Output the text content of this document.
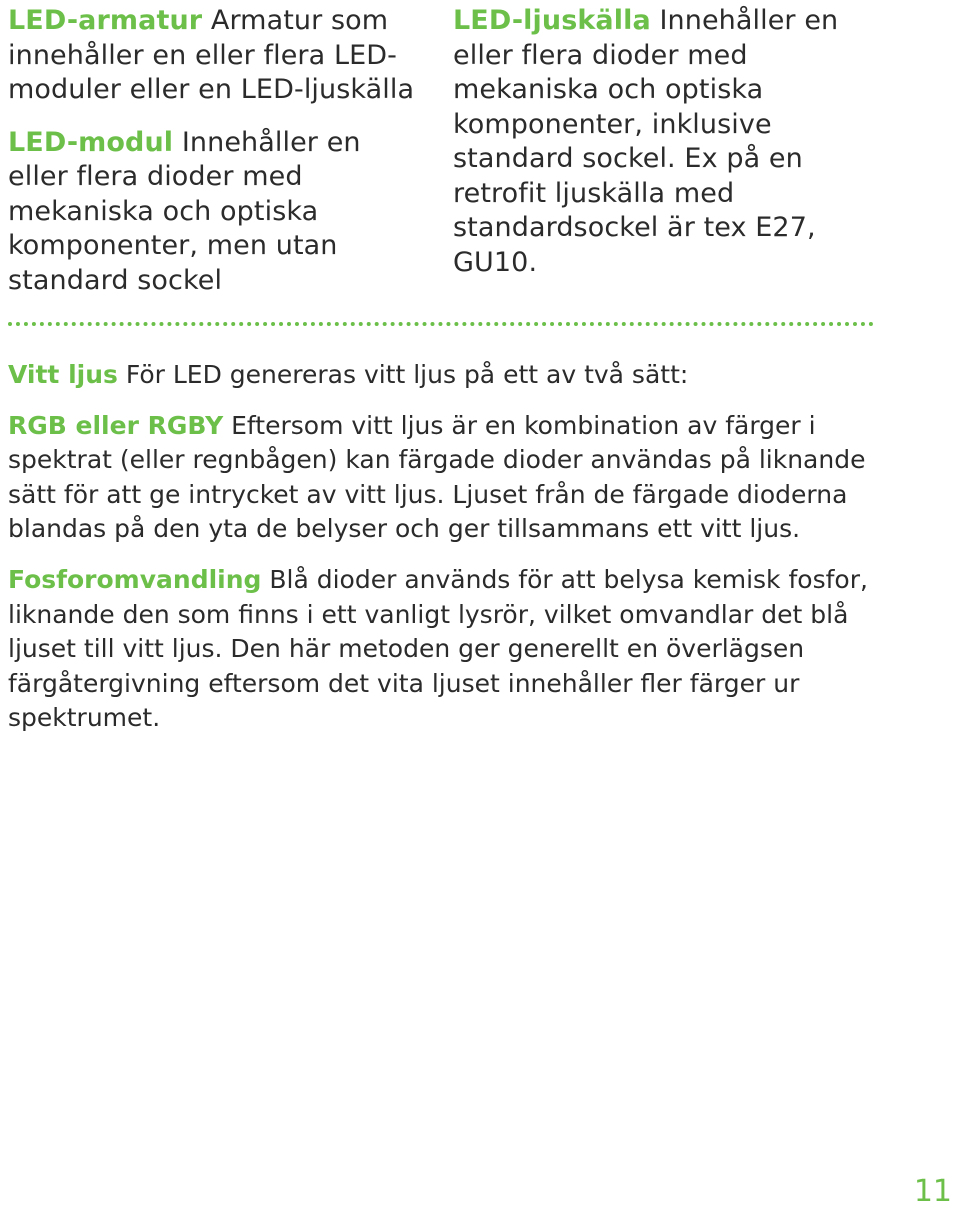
LED-armatur Armatur som innehåller en eller flera LED-moduler eller en LED-ljuskälla

LED-modul Innehåller en eller flera dioder med mekaniska och optiska komponenter, men utan standard sockel

LED-ljuskälla Innehåller en eller flera dioder med mekaniska och optiska komponenter, inklusive standard sockel. Ex på en retrofit ljuskälla med standardsockel är tex E27, GU10.

Vitt ljus För LED genereras vitt ljus på ett av två sätt:

RGB eller RGBY Eftersom vitt ljus är en kombination av färger i spektrat (eller regnbågen) kan färgade dioder användas på liknande sätt för att ge intrycket av vitt ljus. Ljuset från de färgade dioderna blandas på den yta de belyser och ger tillsammans ett vitt ljus.

Fosforomvandling Blå dioder används för att belysa kemisk fosfor, liknande den som finns i ett vanligt lysrör, vilket omvandlar det blå ljuset till vitt ljus. Den här metoden ger generellt en överlägsen färgåtergivning eftersom det vita ljuset innehåller fler färger ur spektrumet.

11
